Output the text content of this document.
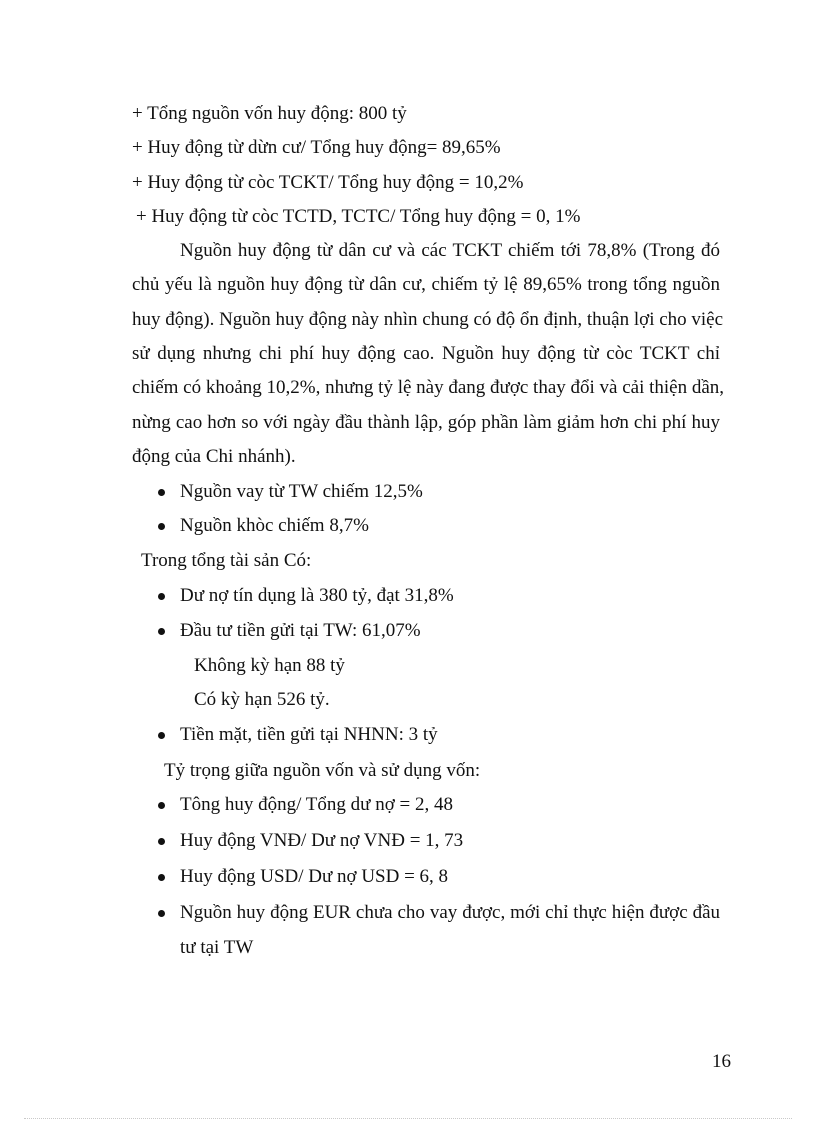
+ Tổng nguồn vốn huy động: 800 tỷ
+ Huy động từ dừn cư/ Tổng huy động= 89,65%
+ Huy động từ còc TCKT/ Tổng huy động = 10,2%
+ Huy động từ còc TCTD, TCTC/ Tổng huy động = 0, 1%
Nguồn huy động từ dân cư và các TCKT chiếm tới 78,8% (Trong đó
chủ yếu là nguồn huy động từ dân cư, chiếm tỷ lệ 89,65% trong tổng nguồn
huy động). Nguồn huy động này nhìn chung có độ ổn định, thuận lợi cho việc
sử dụng nhưng chi phí huy động cao. Nguồn huy động từ còc TCKT chỉ
chiếm có khoảng 10,2%, nhưng tỷ lệ này đang được thay đổi và cải thiện dần,
nừng cao hơn so với ngày đầu thành lập, góp phần làm giảm hơn chi phí huy
động của Chi nhánh).
Nguồn vay từ TW chiếm 12,5%
Nguồn khòc chiếm 8,7%
Trong tổng tài sản Có:
Dư nợ tín dụng là 380 tỷ, đạt 31,8%
Đầu tư tiền gửi tại TW: 61,07%
Không kỳ hạn 88 tỷ
Có kỳ hạn 526 tỷ.
Tiền mặt, tiền gửi tại NHNN: 3 tỷ
Tỷ trọng giữa nguồn vốn và sử dụng vốn:
Tông huy động/ Tổng dư nợ = 2, 48
Huy động VNĐ/ Dư nợ VNĐ = 1, 73
Huy động USD/ Dư nợ USD = 6, 8
Nguồn huy động EUR chưa cho vay được, mới chỉ thực hiện được đầu
tư tại TW
16
